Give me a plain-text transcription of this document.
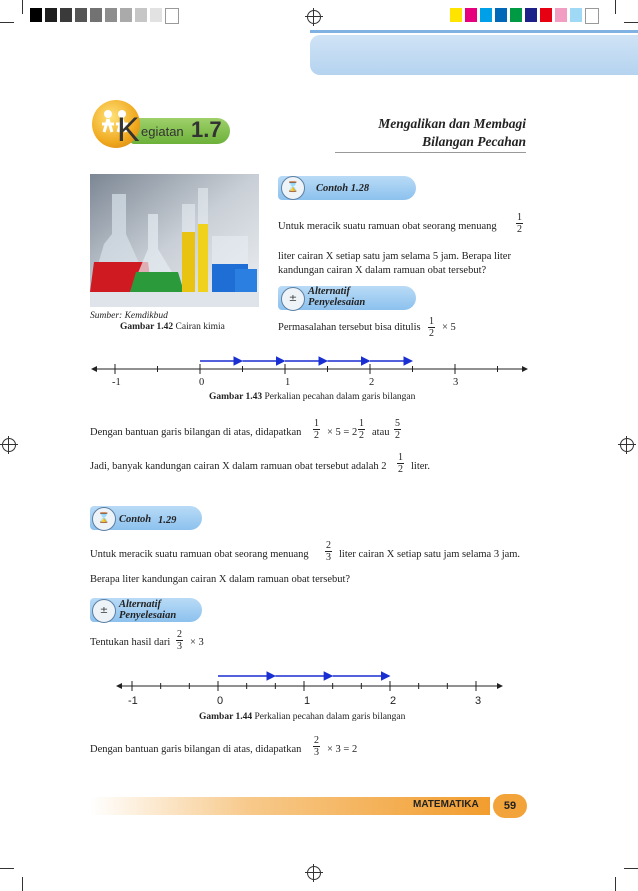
K egiatan 1.7	Mengalikan dan Membagi
Bilangan Pecahan
Sumber: Kemdikbud
Gambar 1.42 Cairan kimia
⌛	Contoh 1.28
Untuk meracik suatu ramuan obat seorang menuang	$\frac{1}{2}$
liter cairan X setiap satu jam selama 5 jam. Berapa liter kandungan cairan X dalam ramuan obat tersebut?
±
Alternatif
Penyelesaian
Permasalahan tersebut bisa ditulis $\frac{1}{2} \times 5$
-1	0	1	2	3
Gambar 1.43 Perkalian pecahan dalam garis bilangan
Dengan bantuan garis bilangan di atas, didapatkan $\frac{1}{2} \times 5 = 2 \frac{1}{2}$ atau $\frac{5}{2}$
Jadi, banyak kandungan cairan X dalam ramuan obat tersebut adalah $2 \frac{1}{2}$ liter.
⌛ Contoh 1.29
Untuk meracik suatu ramuan obat seorang menuang $\frac{2}{3}$ liter cairan X setiap satu jam selama 3 jam.
Berapa liter kandungan cairan X dalam ramuan obat tersebut?
±
Alternatif
Penyelesaian
Tentukan hasil dari $\frac{2}{3} \times 3$
-1	0	1	2	3
Gambar 1.44 Perkalian pecahan dalam garis bilangan
Dengan bantuan garis bilangan di atas, didapatkan $\frac{2}{3} \times 3 = 2$
MATEMATIKA	59
